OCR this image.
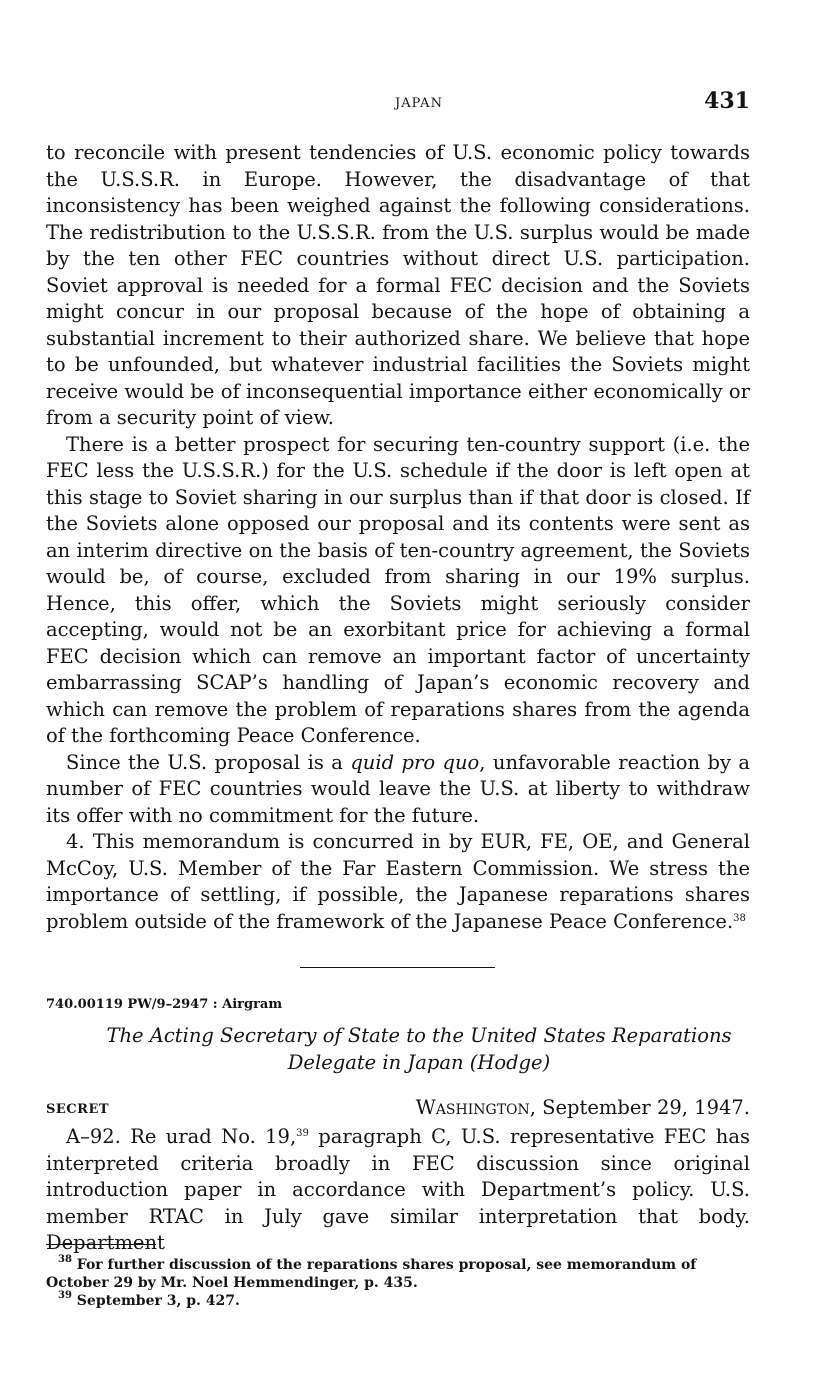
JAPAN	431

to reconcile with present tendencies of U.S. economic policy towards the U.S.S.R. in Europe. However, the disadvantage of that inconsistency has been weighed against the following considerations. The redistribution to the U.S.S.R. from the U.S. surplus would be made by the ten other FEC countries without direct U.S. participation. Soviet approval is needed for a formal FEC decision and the Soviets might concur in our proposal because of the hope of obtaining a substantial increment to their authorized share. We believe that hope to be unfounded, but whatever industrial facilities the Soviets might receive would be of inconsequential importance either economically or from a security point of view.

There is a better prospect for securing ten-country support (i.e. the FEC less the U.S.S.R.) for the U.S. schedule if the door is left open at this stage to Soviet sharing in our surplus than if that door is closed. If the Soviets alone opposed our proposal and its contents were sent as an interim directive on the basis of ten-country agreement, the Soviets would be, of course, excluded from sharing in our 19% surplus. Hence, this offer, which the Soviets might seriously consider accepting, would not be an exorbitant price for achieving a formal FEC decision which can remove an important factor of uncertainty embarrassing SCAP’s handling of Japan’s economic recovery and which can remove the problem of reparations shares from the agenda of the forthcoming Peace Conference.

Since the U.S. proposal is a quid pro quo, unfavorable reaction by a number of FEC countries would leave the U.S. at liberty to withdraw its offer with no commitment for the future.

4. This memorandum is concurred in by EUR, FE, OE, and General McCoy, U.S. Member of the Far Eastern Commission. We stress the importance of settling, if possible, the Japanese reparations shares problem outside of the framework of the Japanese Peace Conference.$^{38}$

740.00119 PW/9–2947 : Airgram
The Acting Secretary of State to the United States Reparations
Delegate in Japan (Hodge)
SECRET	Washington, September 29, 1947.

A–92. Re urad No. 19,39 paragraph C, U.S. representative FEC has interpreted criteria broadly in FEC discussion since original introduction paper in accordance with Department’s policy. U.S. member RTAC in July gave similar interpretation that body. Department

$^{38}$ For further discussion of the reparations shares proposal, see memorandum of October 29 by Mr. Noel Hemmendinger, p. 435.

$^{39}$ September 3, p. 427.
